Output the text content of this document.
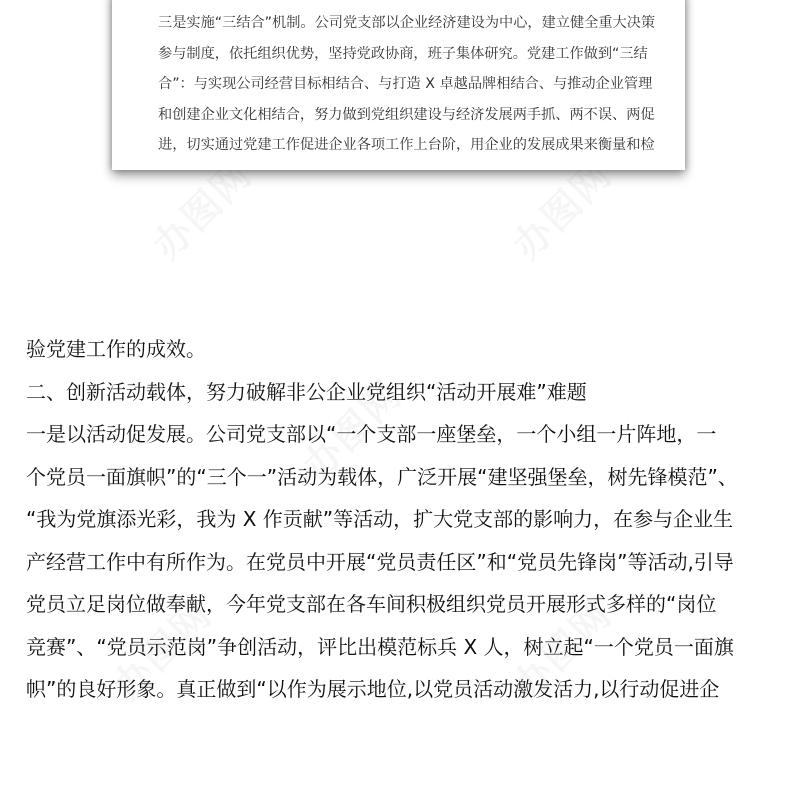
办图网	办图网
办图网
办图网	办图网

三是实施“三结合”机制。公司党支部以企业经济建设为中心，建立健全重大决策
参与制度，依托组织优势，坚持党政协商，班子集体研究。党建工作做到“三结
合”：与实现公司经营目标相结合、与打造 X 卓越品牌相结合、与推动企业管理
和创建企业文化相结合，努力做到党组织建设与经济发展两手抓、两不误、两促
进，切实通过党建工作促进企业各项工作上台阶，用企业的发展成果来衡量和检

验党建工作的成效。
二、创新活动载体，努力破解非公企业党组织“活动开展难”难题
一是以活动促发展。公司党支部以“一个支部一座堡垒，一个小组一片阵地，一
个党员一面旗帜”的“三个一”活动为载体，广泛开展“建坚强堡垒，树先锋模范”、
“我为党旗添光彩，我为 X 作贡献”等活动，扩大党支部的影响力，在参与企业生
产经营工作中有所作为。在党员中开展“党员责任区”和“党员先锋岗”等活动,引导
党员立足岗位做奉献，今年党支部在各车间积极组织党员开展形式多样的“岗位
竞赛”、“党员示范岗”争创活动，评比出模范标兵 X 人，树立起“一个党员一面旗
帜”的良好形象。真正做到“以作为展示地位,以党员活动激发活力,以行动促进企
